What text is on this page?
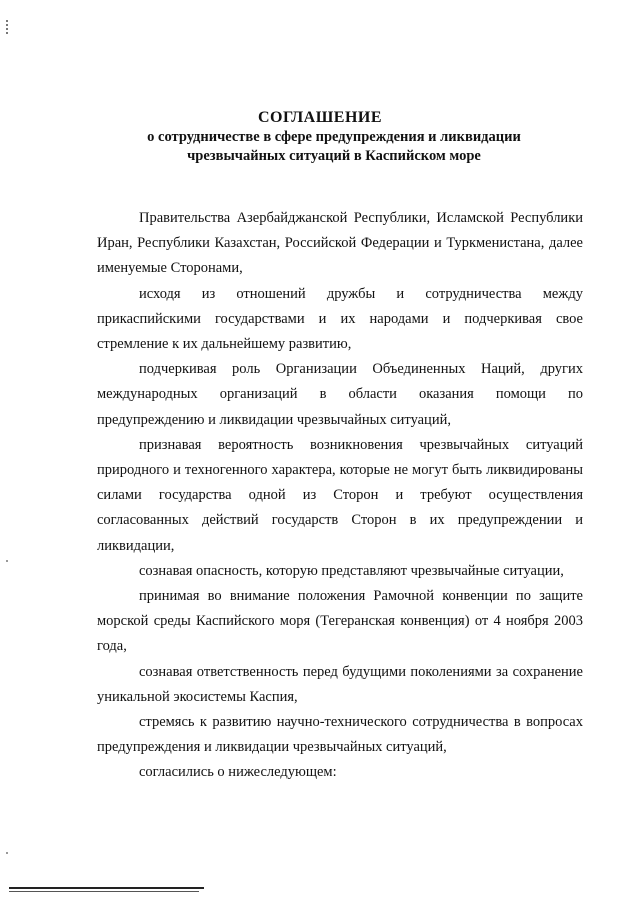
СОГЛАШЕНИЕ
о сотрудничестве в сфере предупреждения и ликвидации
чрезвычайных ситуаций в Каспийском море

Правительства Азербайджанской Республики, Исламской Республики Иран, Республики Казахстан, Российской Федерации и Туркменистана, далее именуемые Сторонами,

исходя из отношений дружбы и сотрудничества между прикаспийскими государствами и их народами и подчеркивая свое стремление к их дальнейшему развитию,

подчеркивая роль Организации Объединенных Наций, других международных организаций в области оказания помощи по предупреждению и ликвидации чрезвычайных ситуаций,

признавая вероятность возникновения чрезвычайных ситуаций природного и техногенного характера, которые не могут быть ликвидированы силами государства одной из Сторон и требуют осуществления согласованных действий государств Сторон в их предупреждении и ликвидации,

сознавая опасность, которую представляют чрезвычайные ситуации,

принимая во внимание положения Рамочной конвенции по защите морской среды Каспийского моря (Тегеранская конвенция) от 4 ноября 2003 года,

сознавая ответственность перед будущими поколениями за сохранение уникальной экосистемы Каспия,

стремясь к развитию научно-технического сотрудничества в вопросах предупреждения и ликвидации чрезвычайных ситуаций,

согласились о нижеследующем:
